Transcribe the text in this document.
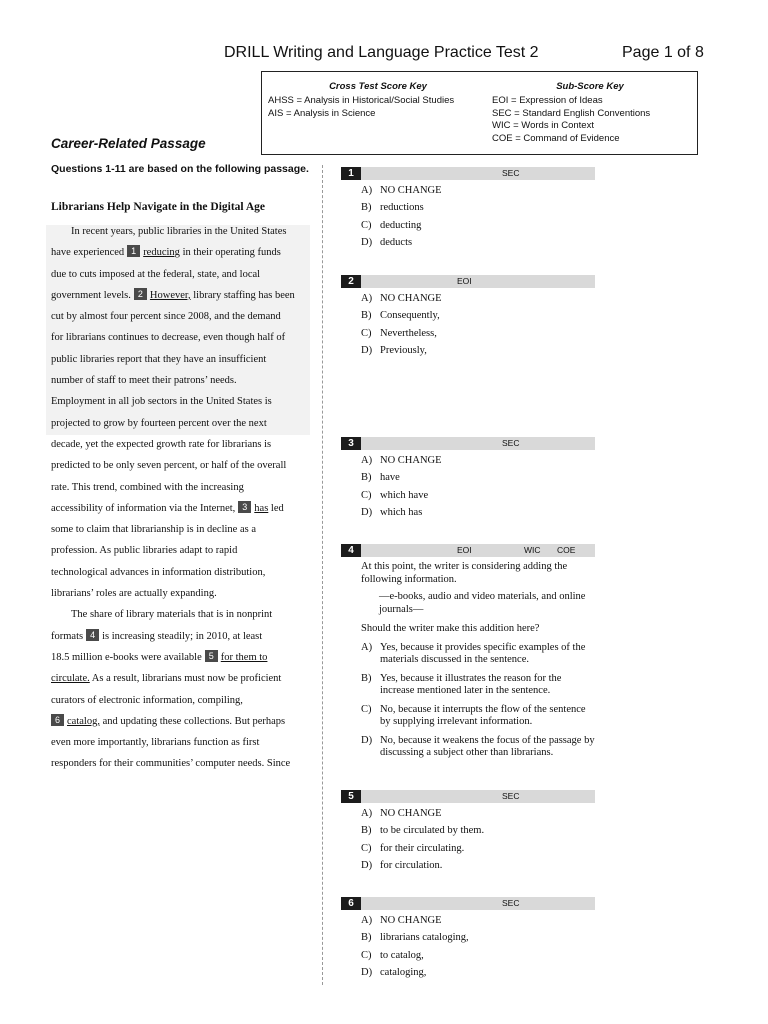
DRILL Writing and Language Practice Test 2	Page 1 of 8
Cross Test Score Key
AHSS = Analysis in Historical/Social Studies
AIS = Analysis in Science
Sub-Score Key
EOI = Expression of Ideas
SEC = Standard English Conventions
WIC = Words in Context
COE = Command of Evidence
Career-Related Passage
Questions 1-11 are based on the following passage.
Librarians Help Navigate in the Digital Age
In recent years, public libraries in the United States
have experienced 1 reducing in their operating funds
due to cuts imposed at the federal, state, and local
government levels. 2 However, library staffing has been
cut by almost four percent since 2008, and the demand
for librarians continues to decrease, even though half of
public libraries report that they have an insufficient
number of staff to meet their patrons’ needs.
Employment in all job sectors in the United States is
projected to grow by fourteen percent over the next
decade, yet the expected growth rate for librarians is
predicted to be only seven percent, or half of the overall
rate. This trend, combined with the increasing
accessibility of information via the Internet, 3 has led
some to claim that librarianship is in decline as a
profession. As public libraries adapt to rapid
technological advances in information distribution,
librarians’ roles are actually expanding.
The share of library materials that is in nonprint
formats 4 is increasing steadily; in 2010, at least
18.5 million e-books were available 5 for them to
circulate. As a result, librarians must now be proficient
curators of electronic information, compiling,
6 catalog, and updating these collections. But perhaps
even more importantly, librarians function as first
responders for their communities’ computer needs. Since
1	SEC
A) NO CHANGE
B) reductions
C) deducting
D) deducts
2	EOI
A) NO CHANGE
B) Consequently,
C) Nevertheless,
D) Previously,
3	SEC
A) NO CHANGE
B) have
C) which have
D) which has
4	EOI	WIC COE

At this point, the writer is considering adding the following information.

—e-books, audio and video materials, and online journals—

Should the writer make this addition here?

A) Yes, because it provides specific examples of the materials discussed in the sentence.
B) Yes, because it illustrates the reason for the increase mentioned later in the sentence.
C) No, because it interrupts the flow of the sentence by supplying irrelevant information.
D) No, because it weakens the focus of the passage by discussing a subject other than librarians.
5	SEC
A) NO CHANGE
B) to be circulated by them.
C) for their circulating.
D) for circulation.
6	SEC
A) NO CHANGE
B) librarians cataloging,
C) to catalog,
D) cataloging,
